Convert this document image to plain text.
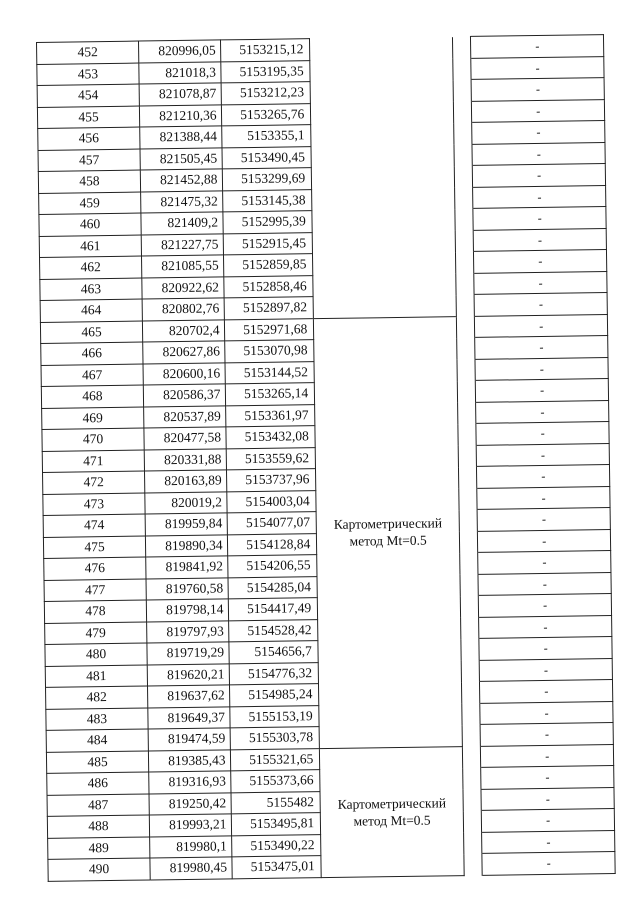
452	820996,05	5153215,12			-
453	821018,3	5153195,35			-
454	821078,87	5153212,23			-
455	821210,36	5153265,76			-
456	821388,44	5153355,1			-
457	821505,45	5153490,45			-
458	821452,88	5153299,69			-
459	821475,32	5153145,38			-
460	821409,2	5152995,39			-
461	821227,75	5152915,45			-
462	821085,55	5152859,85			-
463	820922,62	5152858,46			-
464	820802,76	5152897,82			-
465	820702,4	5152971,68	Картометрический метод Mt=0.5		-
466	820627,86	5153070,98			-
467	820600,16	5153144,52			-
468	820586,37	5153265,14			-
469	820537,89	5153361,97			-
470	820477,58	5153432,08			-
471	820331,88	5153559,62			-
472	820163,89	5153737,96			-
473	820019,2	5154003,04			-
474	819959,84	5154077,07			-
475	819890,34	5154128,84			-
476	819841,92	5154206,55			-
477	819760,58	5154285,04			-
478	819798,14	5154417,49			-
479	819797,93	5154528,42			-
480	819719,29	5154656,7			-
481	819620,21	5154776,32			-
482	819637,62	5154985,24			-
483	819649,37	5155153,19			-
484	819474,59	5155303,78			-
485	819385,43	5155321,65	Картометрический метод Mt=0.5		-
486	819316,93	5155373,66			-
487	819250,42	5155482			-
488	819993,21	5153495,81			-
489	819980,1	5153490,22			-
490	819980,45	5153475,01			-
